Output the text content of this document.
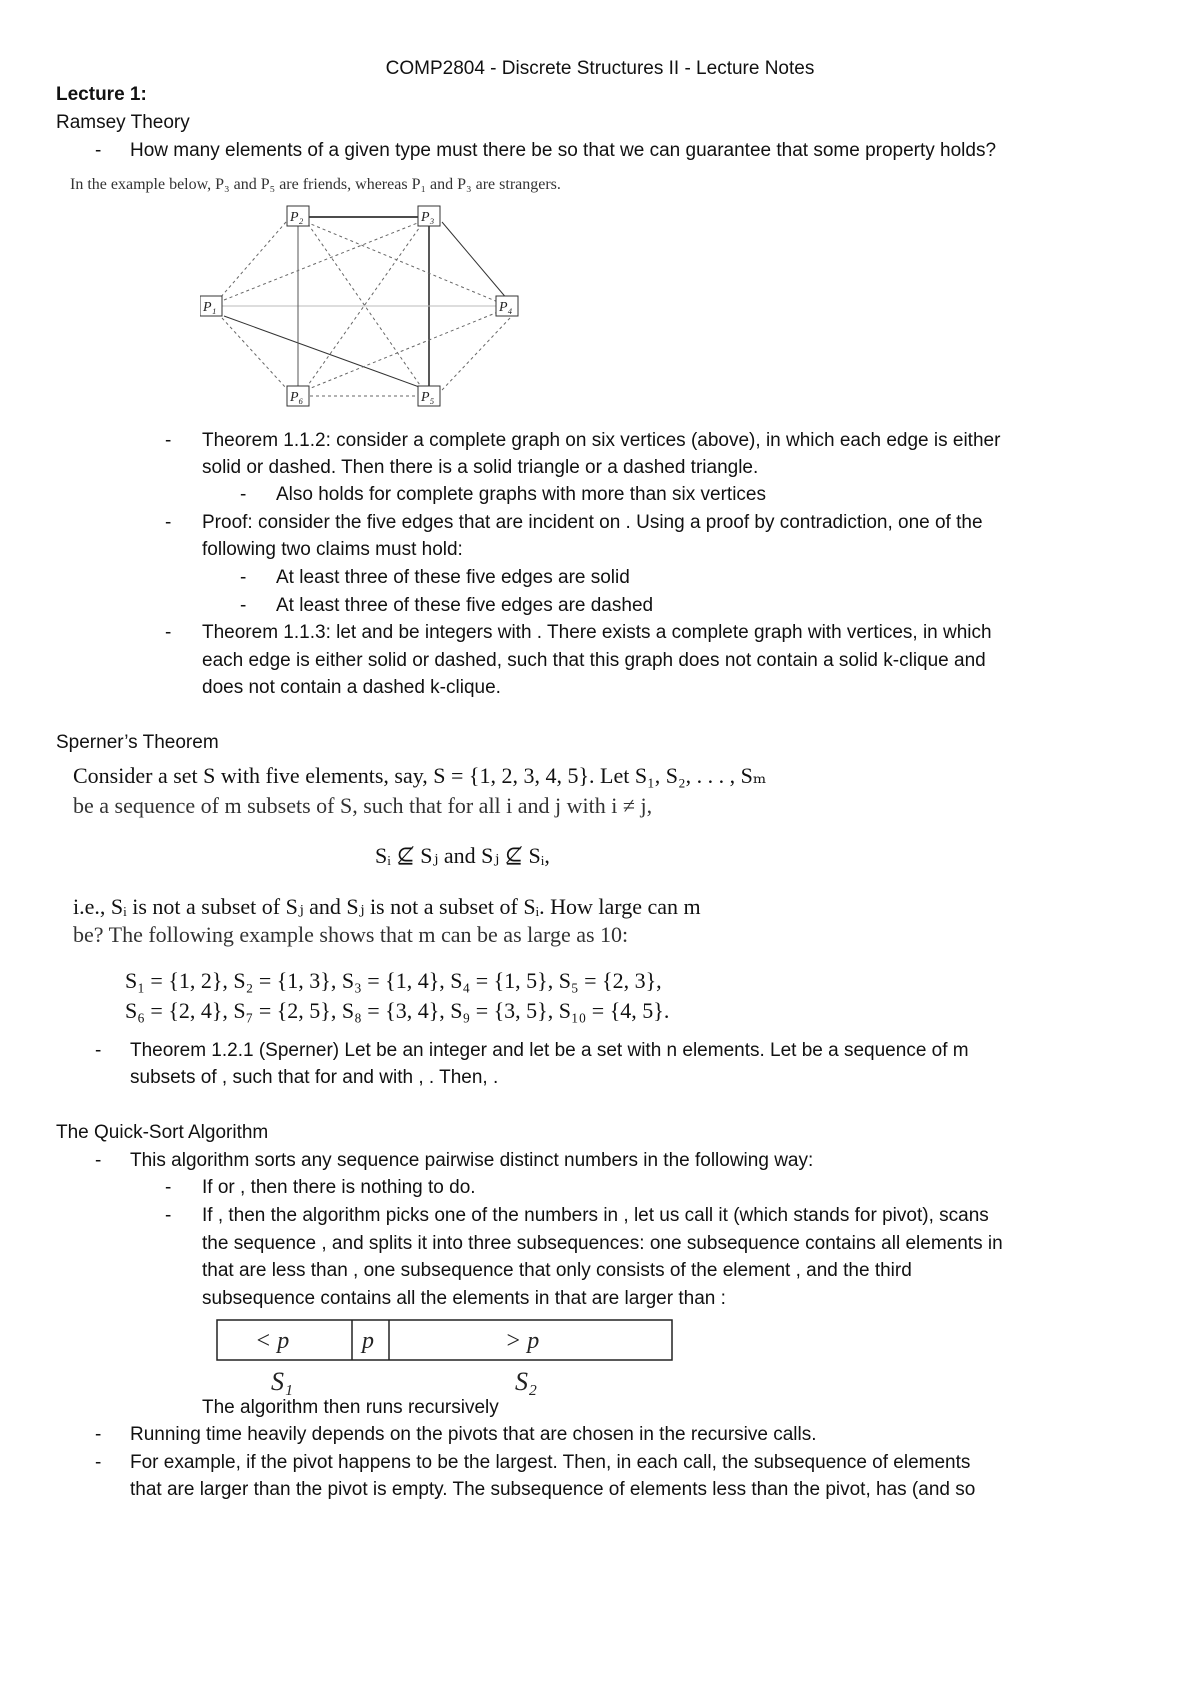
COMP2804 - Discrete Structures II - Lecture Notes
Lecture 1:
Ramsey Theory
- How many elements of a given type must there be so that we can guarantee that some property holds?
In the example below, P₃ and P₅ are friends, whereas P₁ and P₃ are strangers.
P₂	P₃
P₁	P₄
P₆	P₅
- Theorem 1.1.2: consider a complete graph on six vertices (above), in which each edge is either
solid or dashed. Then there is a solid triangle or a dashed triangle.
- Also holds for complete graphs with more than six vertices
- Proof: consider the five edges that are incident on . Using a proof by contradiction, one of the
following two claims must hold:
- At least three of these five edges are solid
- At least three of these five edges are dashed
- Theorem 1.1.3: let and be integers with . There exists a complete graph with vertices, in which
each edge is either solid or dashed, such that this graph does not contain a solid k-clique and
does not contain a dashed k-clique.
Sperner’s Theorem
Consider a set S with five elements, say, S = {1, 2, 3, 4, 5}. Let S₁, S₂, . . . , Sₘ
be a sequence of m subsets of S, such that for all i and j with i ≠ j,
Sᵢ ⊈ Sⱼ and Sⱼ ⊈ Sᵢ,
i.e., Sᵢ is not a subset of Sⱼ and Sⱼ is not a subset of Sᵢ. How large can m
be? The following example shows that m can be as large as 10:
S₁ = {1, 2}, S₂ = {1, 3}, S₃ = {1, 4}, S₄ = {1, 5}, S₅ = {2, 3},
S₆ = {2, 4}, S₇ = {2, 5}, S₈ = {3, 4}, S₉ = {3, 5}, S₁₀ = {4, 5}.
- Theorem 1.2.1 (Sperner) Let be an integer and let be a set with n elements. Let be a sequence of m
subsets of , such that for and with , . Then, .
The Quick-Sort Algorithm
- This algorithm sorts any sequence pairwise distinct numbers in the following way:
- If or , then there is nothing to do.
- If , then the algorithm picks one of the numbers in , let us call it (which stands for pivot), scans
the sequence , and splits it into three subsequences: one subsequence contains all elements in
that are less than , one subsequence that only consists of the element , and the third
subsequence contains all the elements in that are larger than :
< p	p	> p
S₁	S₂
The algorithm then runs recursively
- Running time heavily depends on the pivots that are chosen in the recursive calls.
- For example, if the pivot happens to be the largest. Then, in each call, the subsequence of elements
that are larger than the pivot is empty. The subsequence of elements less than the pivot, has (and so
